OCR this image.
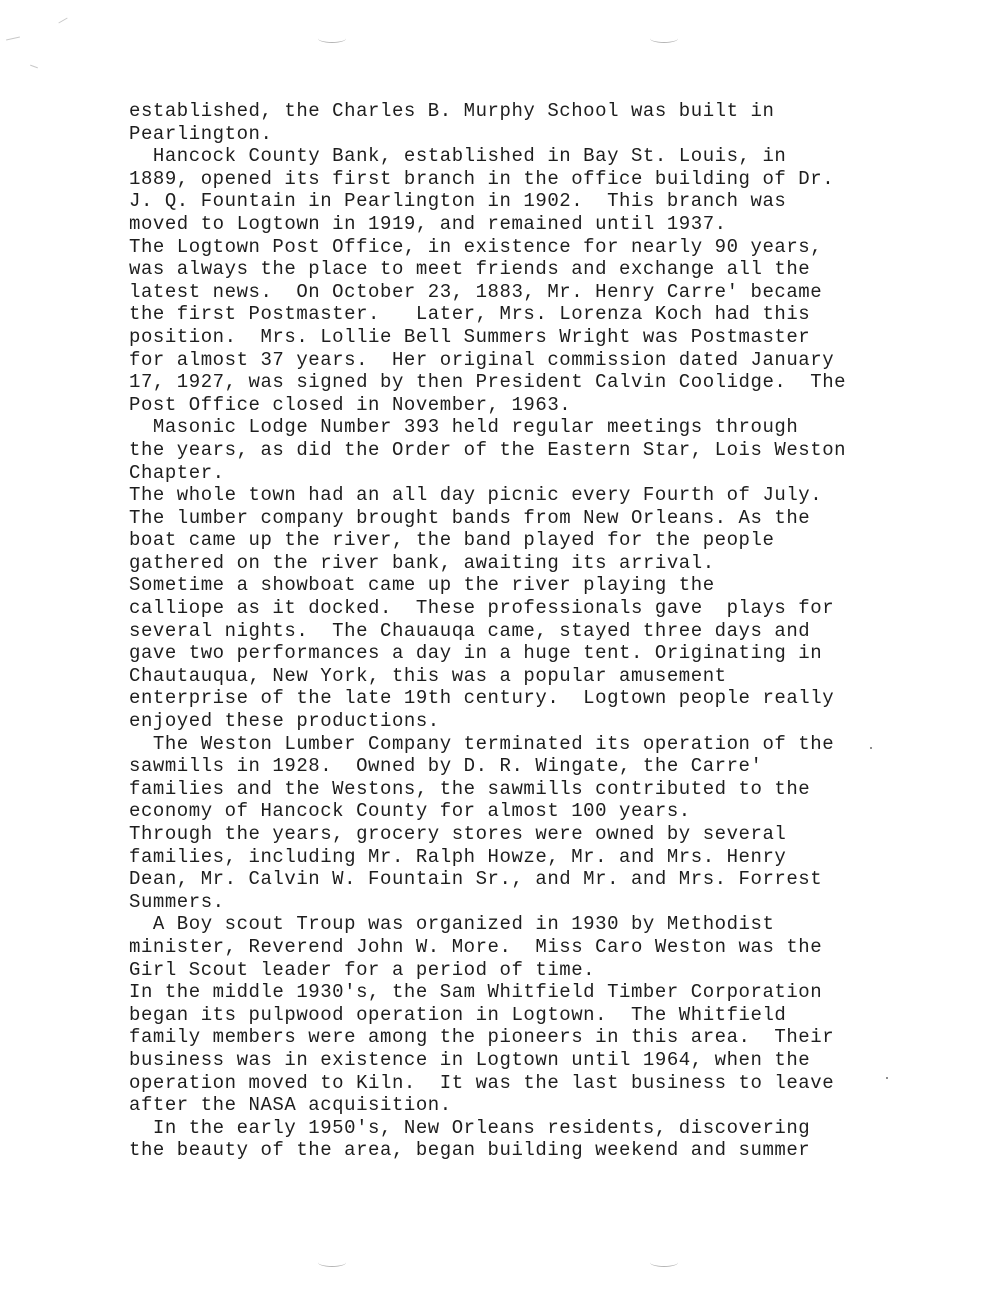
established, the Charles B. Murphy School was built in
Pearlington.
Hancock County Bank, established in Bay St. Louis, in
1889, opened its first branch in the office building of Dr.
J. Q. Fountain in Pearlington in 1902.  This branch was
moved to Logtown in 1919, and remained until 1937.
The Logtown Post Office, in existence for nearly 90 years,
was always the place to meet friends and exchange all the
latest news.  On October 23, 1883, Mr. Henry Carre' became
the first Postmaster.   Later, Mrs. Lorenza Koch had this
position.  Mrs. Lollie Bell Summers Wright was Postmaster
for almost 37 years.  Her original commission dated January
17, 1927, was signed by then President Calvin Coolidge.  The
Post Office closed in November, 1963.
Masonic Lodge Number 393 held regular meetings through
the years, as did the Order of the Eastern Star, Lois Weston
Chapter.
The whole town had an all day picnic every Fourth of July.
The lumber company brought bands from New Orleans. As the
boat came up the river, the band played for the people
gathered on the river bank, awaiting its arrival.
Sometime a showboat came up the river playing the
calliope as it docked.  These professionals gave  plays for
several nights.  The Chauauqa came, stayed three days and
gave two performances a day in a huge tent. Originating in
Chautauqua, New York, this was a popular amusement
enterprise of the late 19th century.  Logtown people really
enjoyed these productions.
The Weston Lumber Company terminated its operation of the
sawmills in 1928.  Owned by D. R. Wingate, the Carre'
families and the Westons, the sawmills contributed to the
economy of Hancock County for almost 100 years.
Through the years, grocery stores were owned by several
families, including Mr. Ralph Howze, Mr. and Mrs. Henry
Dean, Mr. Calvin W. Fountain Sr., and Mr. and Mrs. Forrest
Summers.
A Boy scout Troup was organized in 1930 by Methodist
minister, Reverend John W. More.  Miss Caro Weston was the
Girl Scout leader for a period of time.
In the middle 1930's, the Sam Whitfield Timber Corporation
began its pulpwood operation in Logtown.  The Whitfield
family members were among the pioneers in this area.  Their
business was in existence in Logtown until 1964, when the
operation moved to Kiln.  It was the last business to leave
after the NASA acquisition.
In the early 1950's, New Orleans residents, discovering
the beauty of the area, began building weekend and summer
